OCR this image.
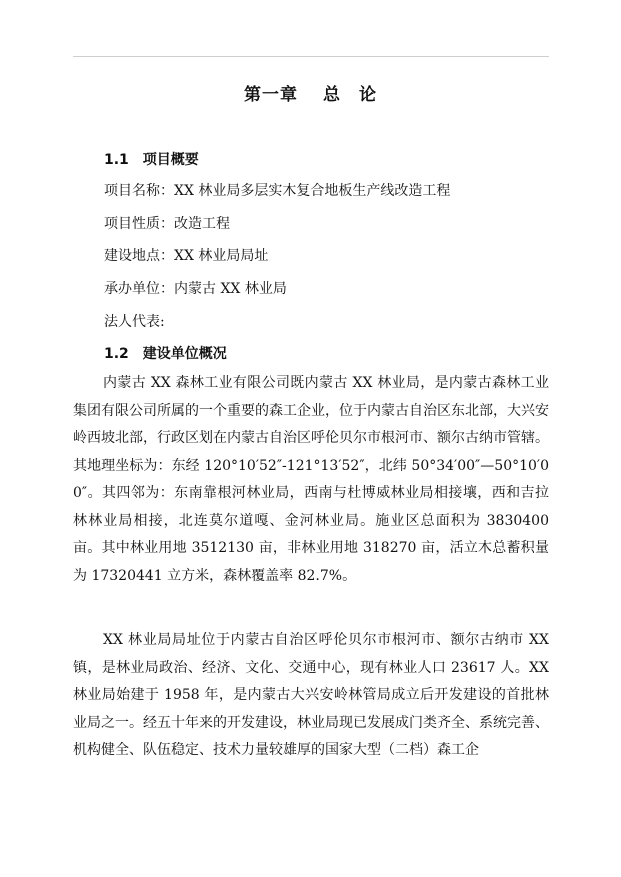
第一章　 总　论
1.1　项目概要
项目名称：XX 林业局多层实木复合地板生产线改造工程
项目性质：改造工程
建设地点：XX 林业局局址
承办单位：内蒙古 XX 林业局
法人代表:
1.2　建设单位概况

内蒙古 XX 森林工业有限公司既内蒙古 XX 林业局，是内蒙古森林工业集团有限公司所属的一个重要的森工企业，位于内蒙古自治区东北部，大兴安岭西坡北部，行政区划在内蒙古自治区呼伦贝尔市根河市、额尔古纳市管辖。其地理坐标为：东经 120°10′52″-121°13′52″，北纬 50°34′00″—50°10′00″。其四邻为：东南靠根河林业局，西南与杜博威林业局相接壤，西和吉拉林林业局相接，北连莫尔道嘎、金河林业局。施业区总面积为 3830400 亩。其中林业用地 3512130 亩，非林业用地 318270 亩，活立木总蓄积量为 17320441 立方米，森林覆盖率 82.7%。

XX 林业局局址位于内蒙古自治区呼伦贝尔市根河市、额尔古纳市 XX 镇，是林业局政治、经济、文化、交通中心，现有林业人口 23617 人。XX 林业局始建于 1958 年，是内蒙古大兴安岭林管局成立后开发建设的首批林业局之一。经五十年来的开发建设，林业局现已发展成门类齐全、系统完善、机构健全、队伍稳定、技术力量较雄厚的国家大型（二档）森工企
